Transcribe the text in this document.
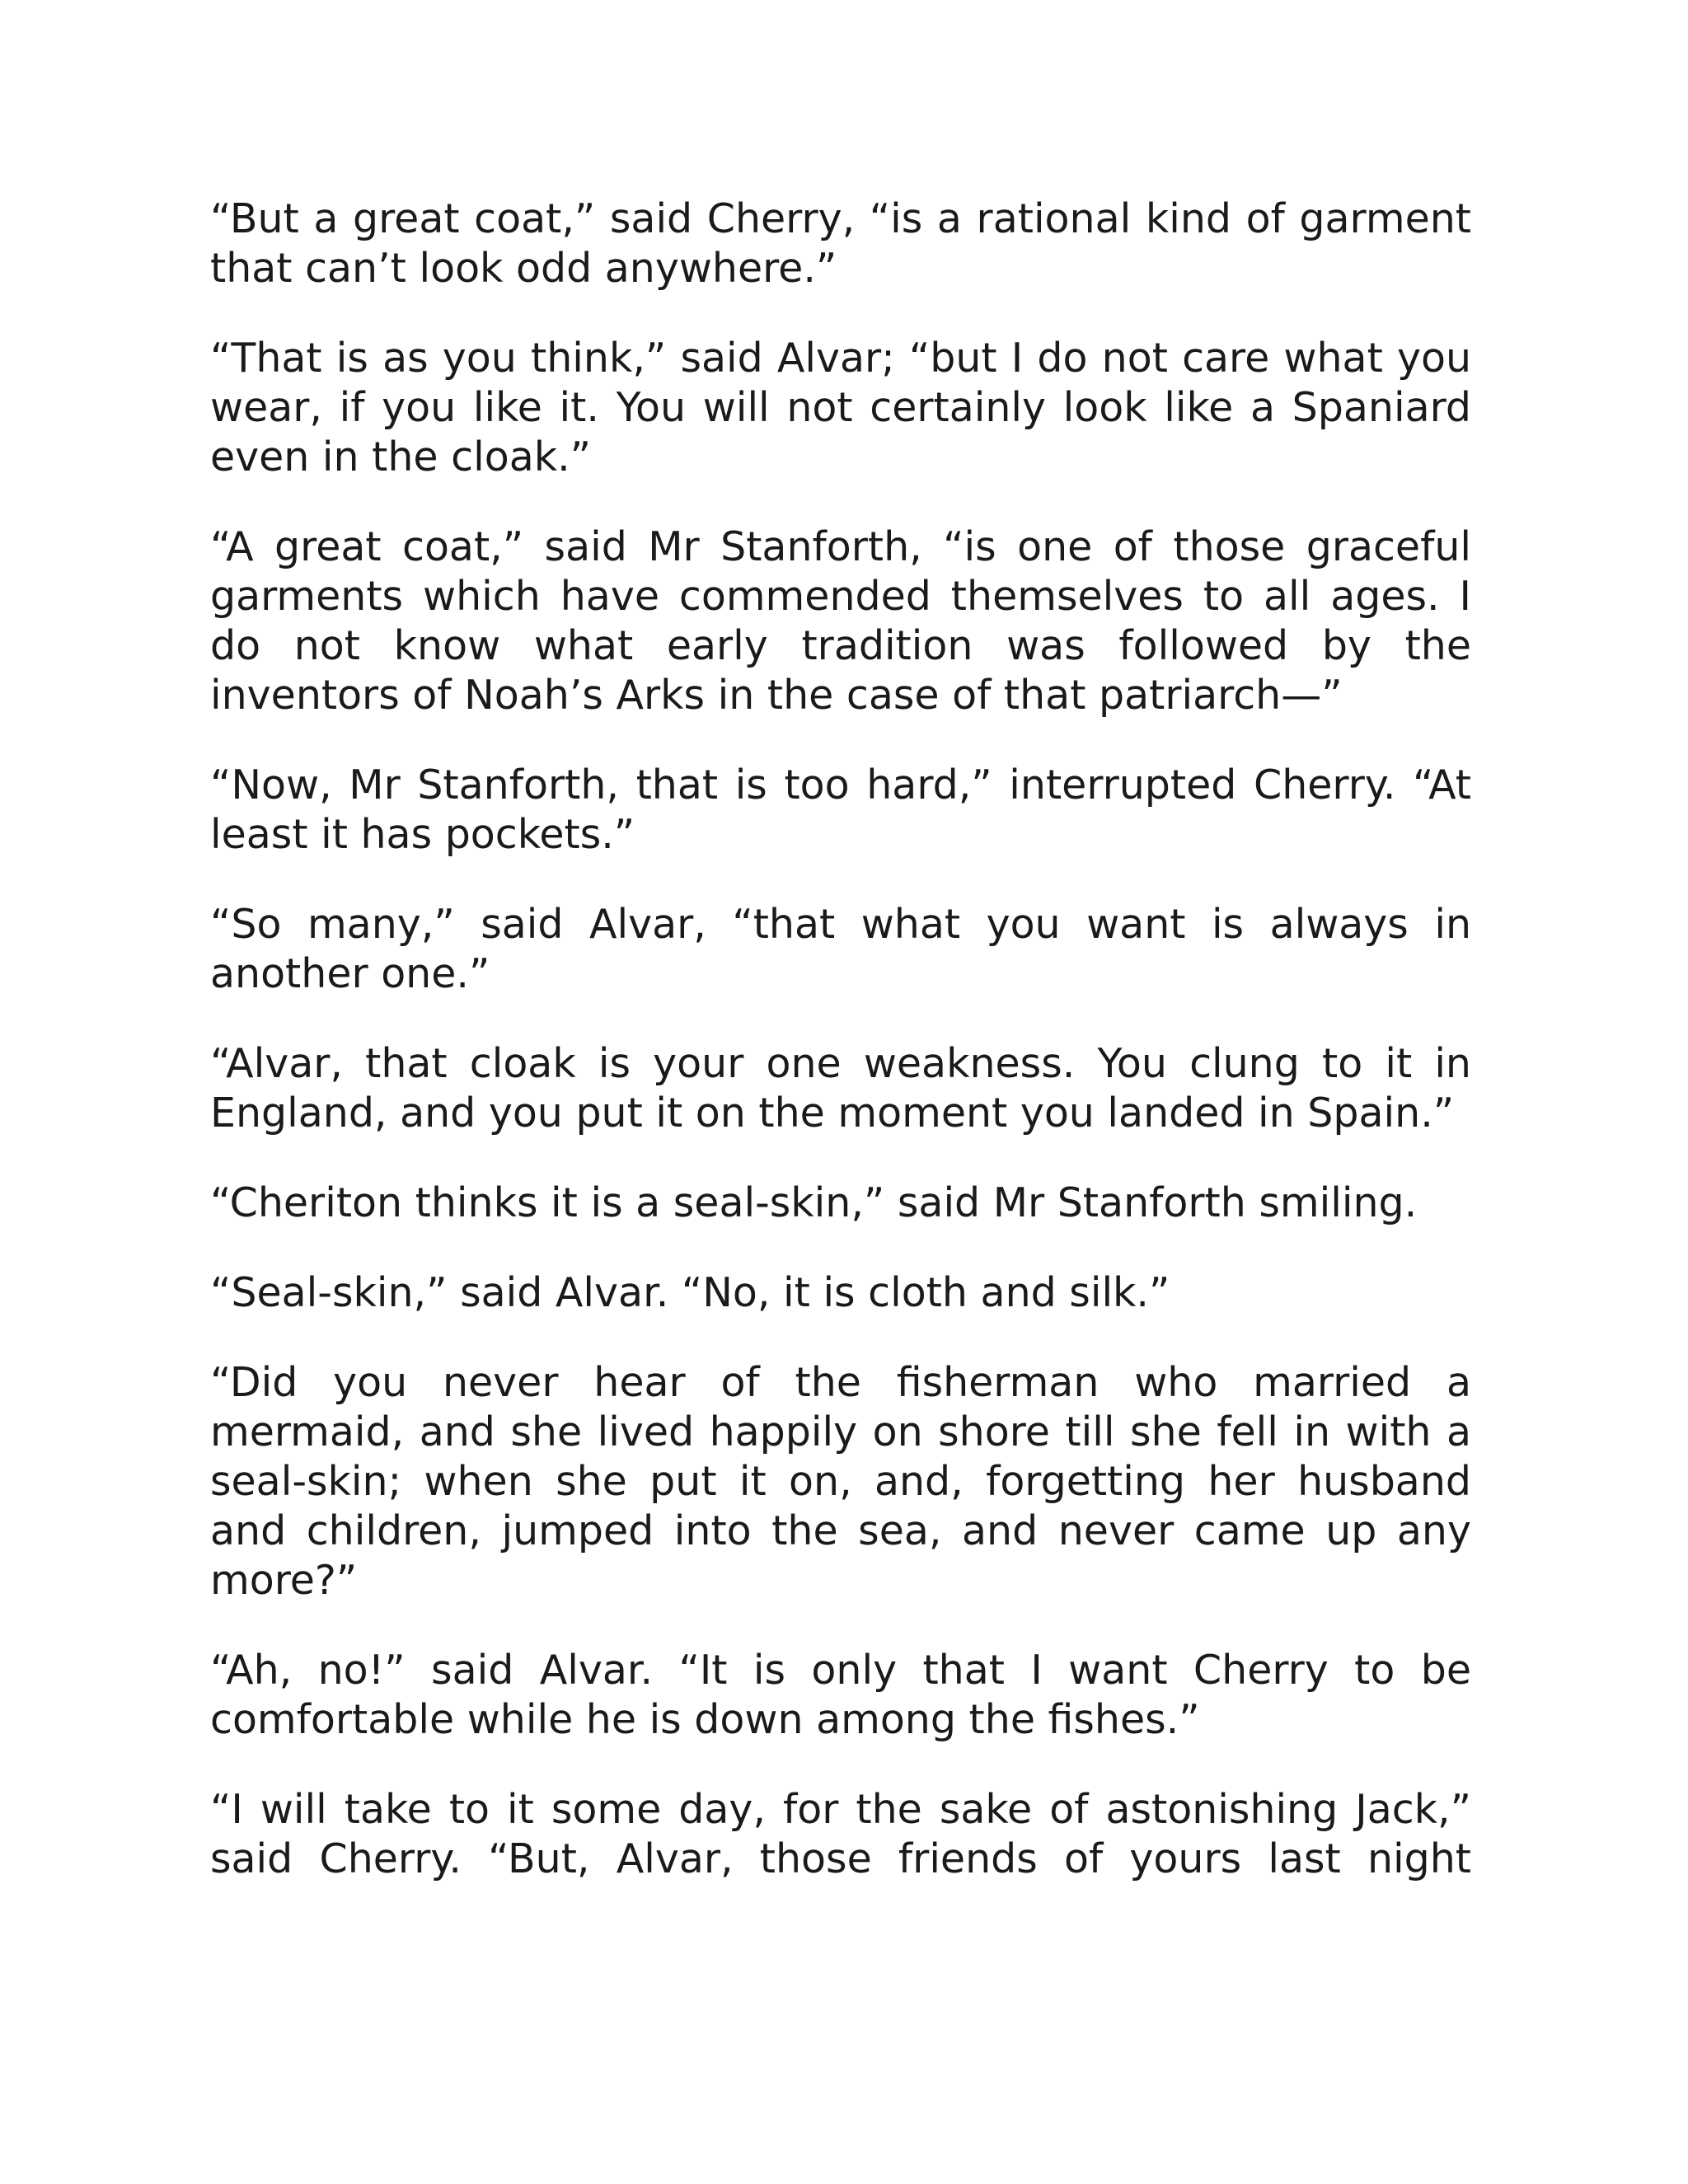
“But a great coat,” said Cherry, “is a rational kind of garment that can’t look odd anywhere.”

“That is as you think,” said Alvar; “but I do not care what you wear, if you like it. You will not certainly look like a Spaniard even in the cloak.”

“A great coat,” said Mr Stanforth, “is one of those graceful garments which have commended themselves to all ages. I do not know what early tradition was followed by the inventors of Noah’s Arks in the case of that patriarch—”

“Now, Mr Stanforth, that is too hard,” interrupted Cherry. “At least it has pockets.”

“So many,” said Alvar, “that what you want is always in another one.”

“Alvar, that cloak is your one weakness. You clung to it in England, and you put it on the moment you landed in Spain.”

“Cheriton thinks it is a seal-skin,” said Mr Stanforth smiling.

“Seal-skin,” said Alvar. “No, it is cloth and silk.”

“Did you never hear of the fisherman who married a mermaid, and she lived happily on shore till she fell in with a seal-skin; when she put it on, and, forgetting her husband and children, jumped into the sea, and never came up any more?”

“Ah, no!” said Alvar. “It is only that I want Cherry to be comfortable while he is down among the fishes.”

“I will take to it some day, for the sake of astonishing Jack,” said Cherry. “But, Alvar, those friends of yours last night
